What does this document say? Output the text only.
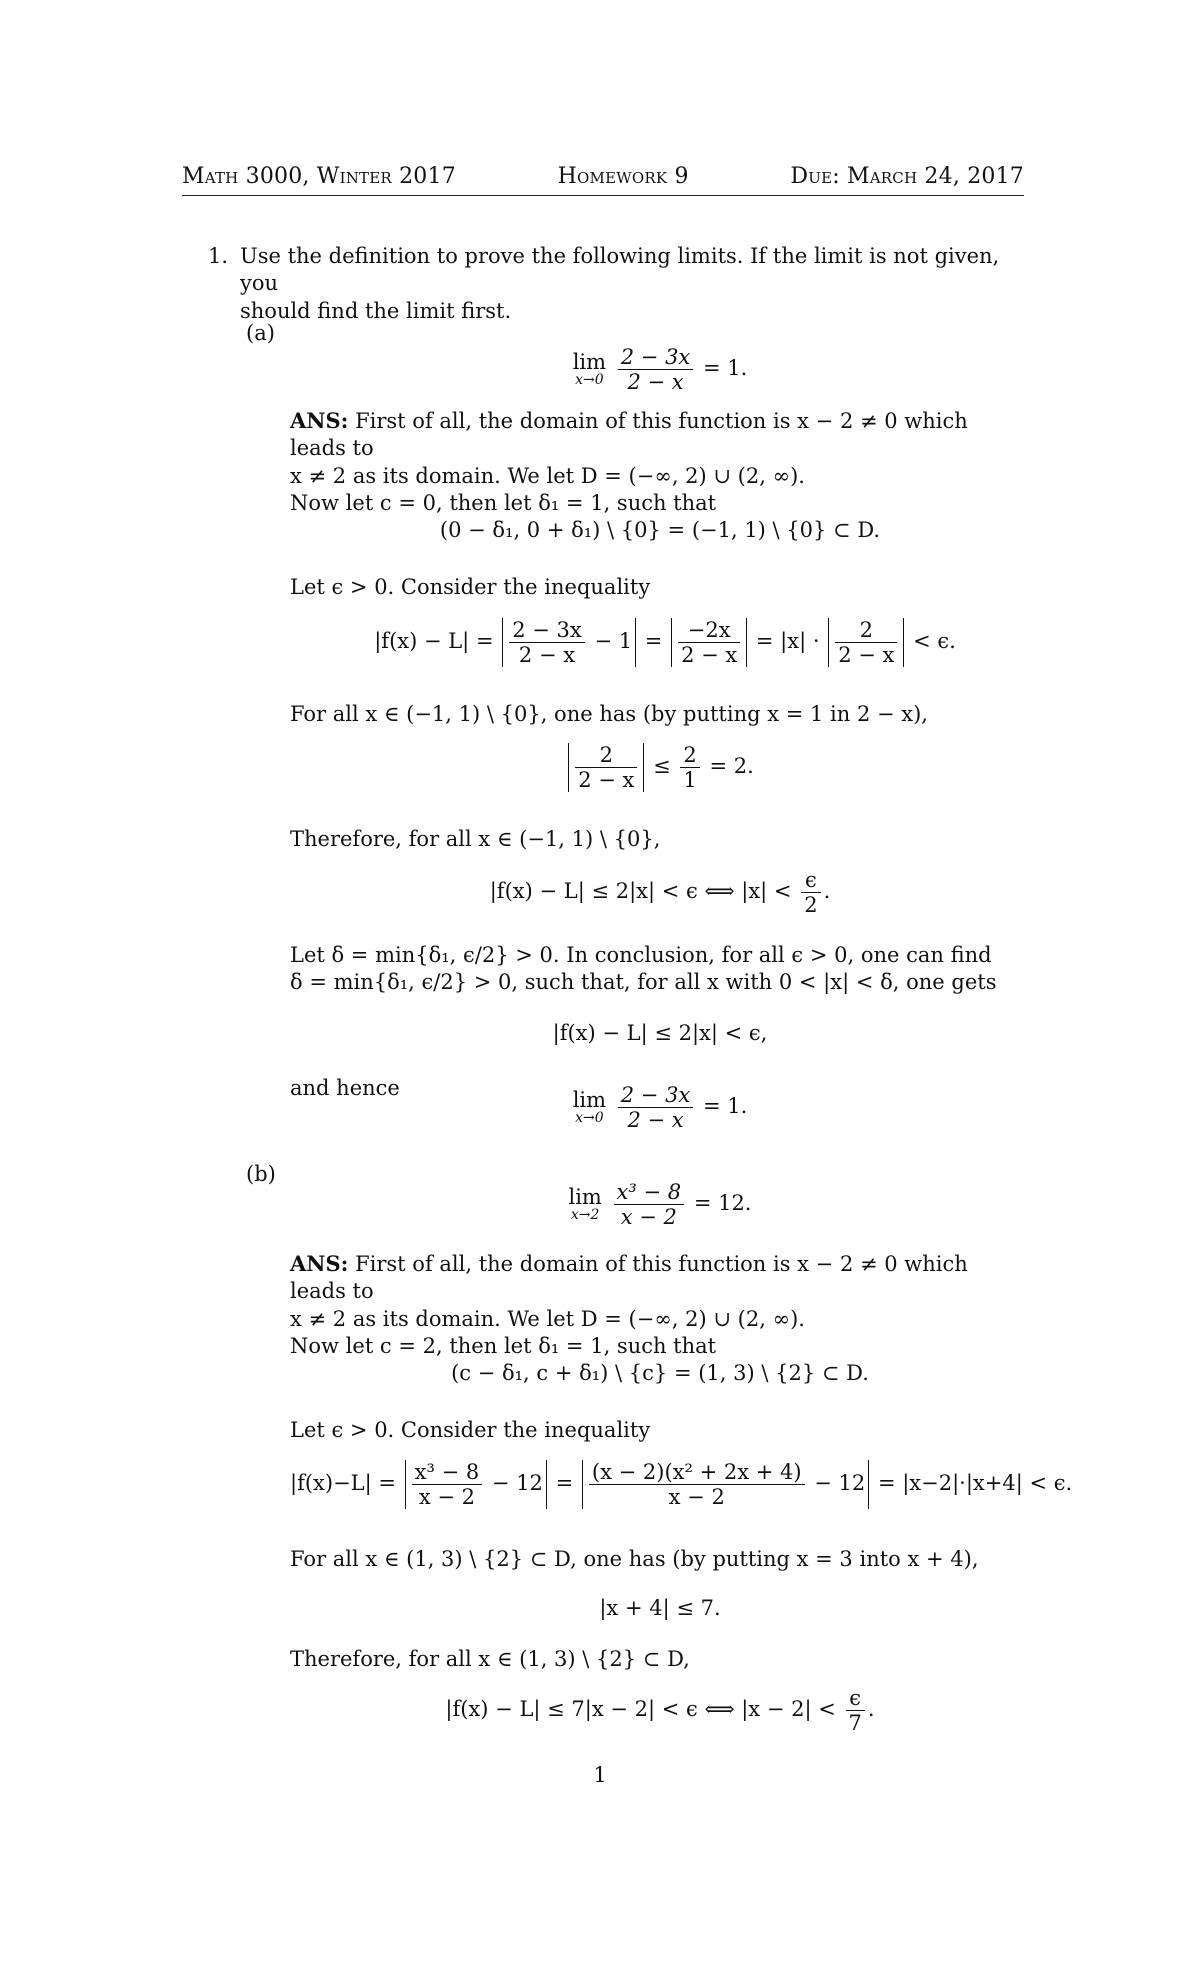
Math 3000, Winter 2017	Homework 9	Due: March 24, 2017
1. Use the definition to prove the following limits. If the limit is not given, you
should find the limit first.
(a)
lim
x→0
$\frac{2 - 3x}{2 - x} = 1$.
ANS: First of all, the domain of this function is x − 2 ≠ 0 which leads to
x ≠ 2 as its domain. We let D = (−∞, 2) ∪ (2, ∞).
Now let c = 0, then let δ₁ = 1, such that
(0 − δ₁, 0 + δ₁) \ {0} = (−1, 1) \ {0} ⊂ D.
Let ϵ > 0. Consider the inequality
$|f(x) - L| = \frac{2 - 3x}{2 - x} - 1 = \frac{-2x}{2 - x} = |x| \cdot \frac{2}{2 - x} < \epsilon$.
For all x ∈ (−1, 1) \ {0}, one has (by putting x = 1 in 2 − x),
$\frac{2}{2 - x} \le \frac{2}{1} = 2$.
Therefore, for all x ∈ (−1, 1) \ {0},
|f(x) − L| ≤ 2|x| < ϵ ⟺ $|x| < \frac{\epsilon}{2}$ .
Let δ = min{δ₁, ϵ/2} > 0. In conclusion, for all ϵ > 0, one can find
δ = min{δ₁, ϵ/2} > 0, such that, for all x with 0 < |x| < δ, one gets
|f(x) − L| ≤ 2|x| < ϵ,
and hence
lim
x→0
$\frac{2 - 3x}{2 - x} = 1$.
(b)
lim
x→2
$\frac{\text{x³ − 8}}{x - 2} = 12$.
ANS: First of all, the domain of this function is x − 2 ≠ 0 which leads to
x ≠ 2 as its domain. We let D = (−∞, 2) ∪ (2, ∞).
Now let c = 2, then let δ₁ = 1, such that
(c − δ₁, c + δ₁) \ {c} = (1, 3) \ {2} ⊂ D.
Let ϵ > 0. Consider the inequality
$|f(x)-L| = \frac{\text{x³ − 8}}{x - 2} - 12 = \frac{\text{(x − 2)(x² + 2x + 4)}}{x - 2} - 12 = |x-2|\cdot|x+4| < \epsilon$.
For all x ∈ (1, 3) \ {2} ⊂ D, one has (by putting x = 3 into x + 4),
|x + 4| ≤ 7.
Therefore, for all x ∈ (1, 3) \ {2} ⊂ D,
|f(x) − L| ≤ 7|x − 2| < ϵ ⟺ $|x - 2| < \frac{\epsilon}{7}$ .
1
